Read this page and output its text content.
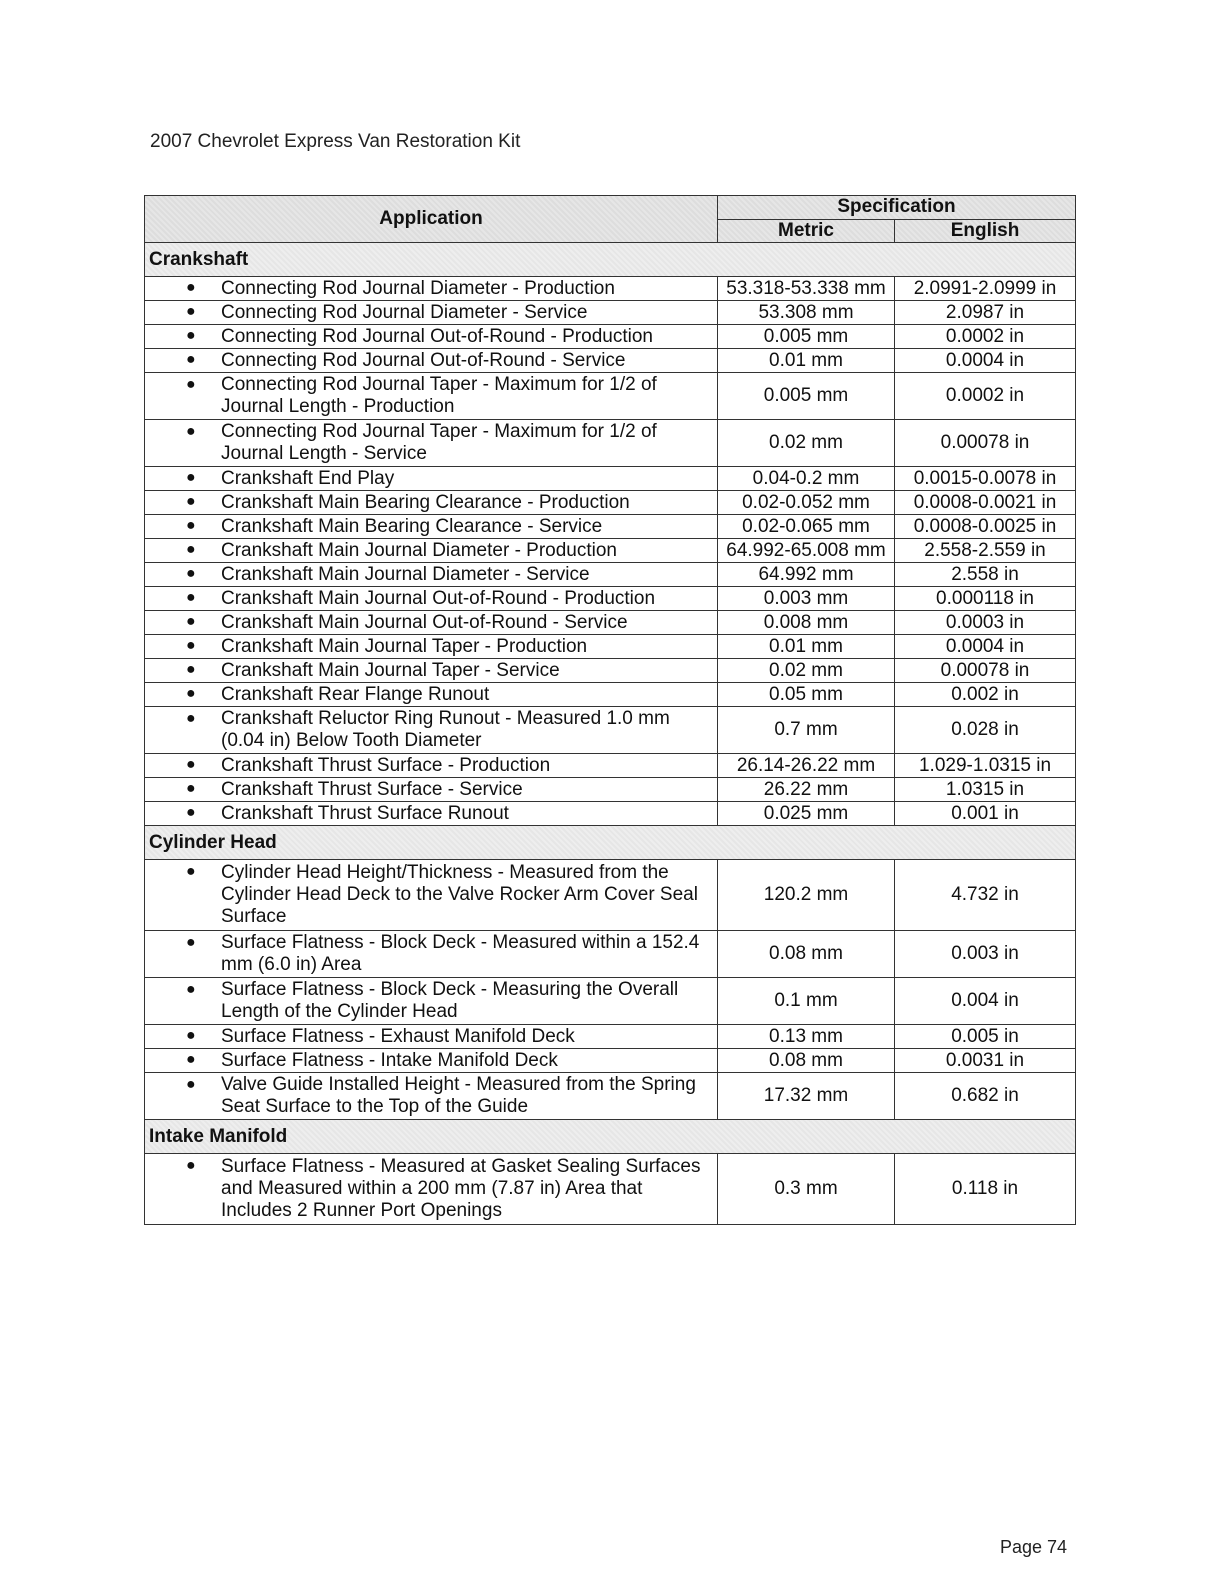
2007 Chevrolet Express Van Restoration Kit
Application	Specification	
	Metric	English
Crankshaft		

● Connecting Rod Journal Diameter - Production	53.318-53.338 mm	2.0991-2.0999 in

● Connecting Rod Journal Diameter - Service	53.308 mm	2.0987 in

● Connecting Rod Journal Out-of-Round - Production	0.005 mm	0.0002 in

● Connecting Rod Journal Out-of-Round - Service	0.01 mm	0.0004 in

● Connecting Rod Journal Taper - Maximum for 1/2 of Journal Length - Production	0.005 mm	0.0002 in

● Connecting Rod Journal Taper - Maximum for 1/2 of Journal Length - Service	0.02 mm	0.00078 in

● Crankshaft End Play	0.04-0.2 mm	0.0015-0.0078 in

● Crankshaft Main Bearing Clearance - Production	0.02-0.052 mm	0.0008-0.0021 in

● Crankshaft Main Bearing Clearance - Service	0.02-0.065 mm	0.0008-0.0025 in

● Crankshaft Main Journal Diameter - Production	64.992-65.008 mm	2.558-2.559 in

● Crankshaft Main Journal Diameter - Service	64.992 mm	2.558 in

● Crankshaft Main Journal Out-of-Round - Production	0.003 mm	0.000118 in

● Crankshaft Main Journal Out-of-Round - Service	0.008 mm	0.0003 in

● Crankshaft Main Journal Taper - Production	0.01 mm	0.0004 in

● Crankshaft Main Journal Taper - Service	0.02 mm	0.00078 in

● Crankshaft Rear Flange Runout	0.05 mm	0.002 in

● Crankshaft Reluctor Ring Runout - Measured 1.0 mm (0.04 in) Below Tooth Diameter	0.7 mm	0.028 in

● Crankshaft Thrust Surface - Production	26.14-26.22 mm	1.029-1.0315 in

● Crankshaft Thrust Surface - Service	26.22 mm	1.0315 in

● Crankshaft Thrust Surface Runout	0.025 mm	0.001 in
Cylinder Head		

● Cylinder Head Height/Thickness - Measured from the Cylinder Head Deck to the Valve Rocker Arm Cover Seal Surface	120.2 mm	4.732 in

● Surface Flatness - Block Deck - Measured within a 152.4 mm (6.0 in) Area	0.08 mm	0.003 in

● Surface Flatness - Block Deck - Measuring the Overall Length of the Cylinder Head	0.1 mm	0.004 in

● Surface Flatness - Exhaust Manifold Deck	0.13 mm	0.005 in

● Surface Flatness - Intake Manifold Deck	0.08 mm	0.0031 in

● Valve Guide Installed Height - Measured from the Spring Seat Surface to the Top of the Guide	17.32 mm	0.682 in
Intake Manifold		

● Surface Flatness - Measured at Gasket Sealing Surfaces and Measured within a 200 mm (7.87 in) Area that Includes 2 Runner Port Openings	0.3 mm	0.118 in
Page 74
